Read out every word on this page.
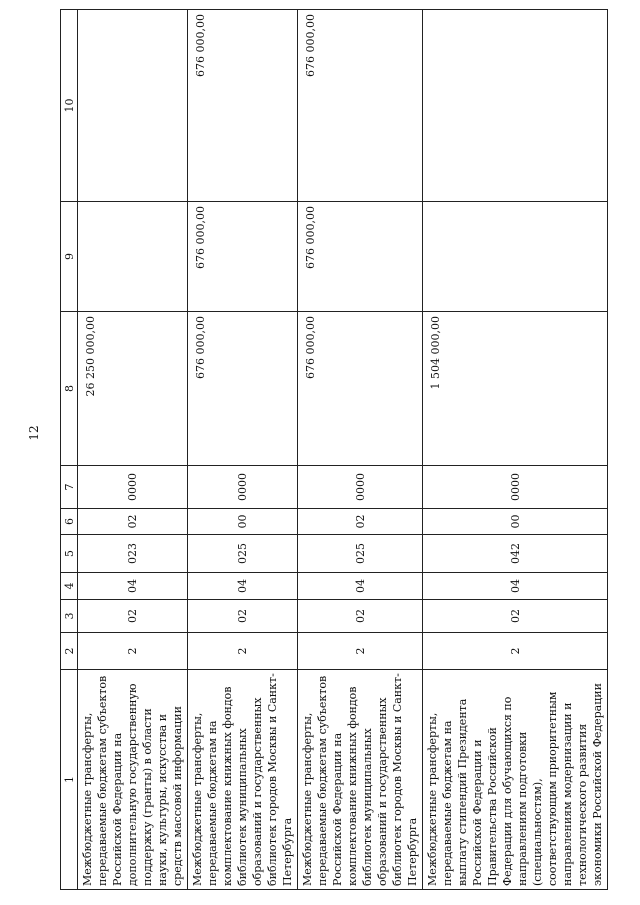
12
1	2	3	4	5	6	7	8	9	10
Межбюджетные трансферты, передаваемые бюджетам субъектов Российской Федерации на дополнительную государственную поддержку (гранты) в области науки, культуры, искусства и средств массовой информации	2	02	04	023	02	0000	26 250 000,00		
Межбюджетные трансферты, передаваемые бюджетам на комплектование книжных фондов библиотек муниципальных образований и государственных библиотек городов Москвы и Санкт-Петербурга	2	02	04	025	00	0000	676 000,00	676 000,00	676 000,00
Межбюджетные трансферты, передаваемые бюджетам субъектов Российской Федерации на комплектование книжных фондов библиотек муниципальных образований и государственных библиотек городов Москвы и Санкт-Петербурга	2	02	04	025	02	0000	676 000,00	676 000,00	676 000,00
Межбюджетные трансферты, передаваемые бюджетам на выплату стипендий Президента Российской Федерации и Правительства Российской Федерации для обучающихся по направлениям подготовки (специальностям), соответствующим приоритетным направлениям модернизации и технологического развития экономики Российской Федерации	2	02	04	042	00	0000	1 504 000,00		
